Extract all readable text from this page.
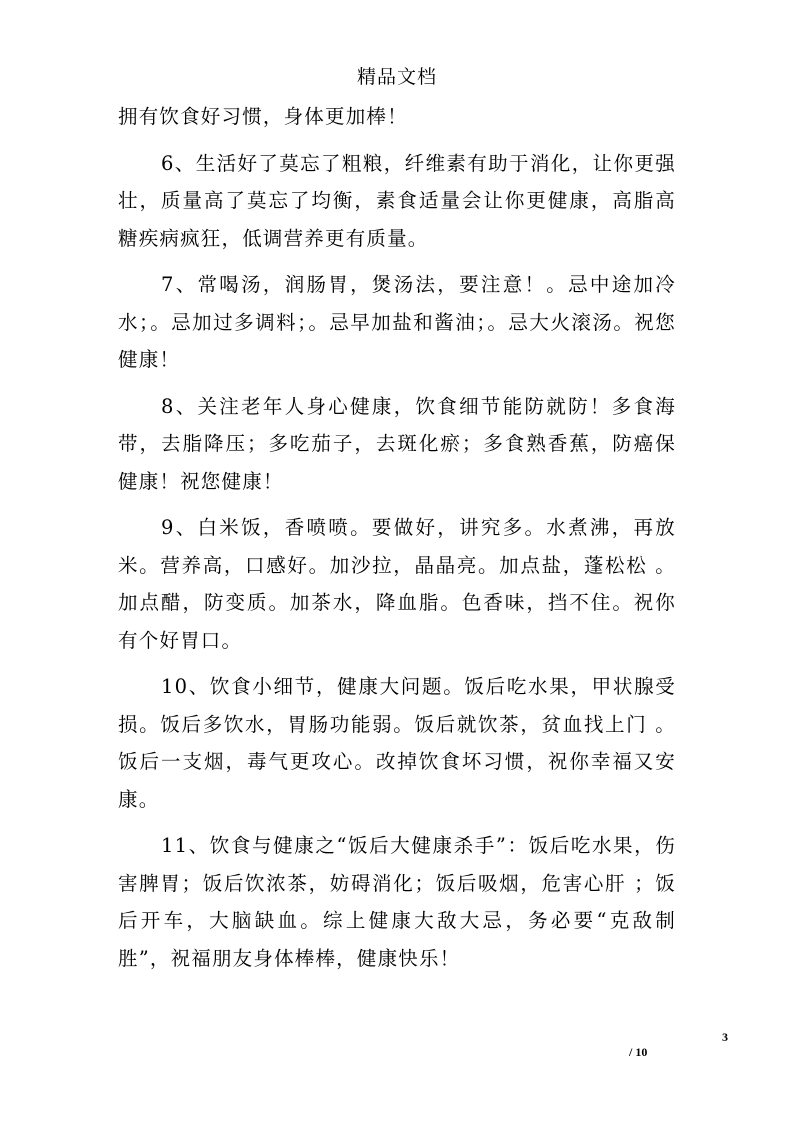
精品文档

拥有饮食好习惯，身体更加棒！

6、生活好了莫忘了粗粮，纤维素有助于消化，让你更强壮，质量高了莫忘了均衡，素食适量会让你更健康，高脂高糖疾病疯狂，低调营养更有质量。

7、常喝汤，润肠胃，煲汤法，要注意！。忌中途加冷水；。忌加过多调料；。忌早加盐和酱油；。忌大火滚汤。祝您健康！

8、关注老年人身心健康，饮食细节能防就防！多食海带，去脂降压；多吃茄子，去斑化瘀；多食熟香蕉，防癌保健康！祝您健康！

9、白米饭，香喷喷。要做好，讲究多。水煮沸，再放米。营养高，口感好。加沙拉，晶晶亮。加点盐，蓬松松 。加点醋，防变质。加茶水，降血脂。色香味，挡不住。祝你有个好胃口。

10、饮食小细节，健康大问题。饭后吃水果，甲状腺受损。饭后多饮水，胃肠功能弱。饭后就饮茶，贫血找上门 。饭后一支烟，毒气更攻心。改掉饮食坏习惯，祝你幸福又安康。

11、饮食与健康之“饭后大健康杀手”：饭后吃水果，伤害脾胃；饭后饮浓茶，妨碍消化；饭后吸烟，危害心肝 ；饭后开车，大脑缺血。综上健康大敌大忌，务必要“克敌制胜”，祝福朋友身体棒棒，健康快乐！

3
/ 10
